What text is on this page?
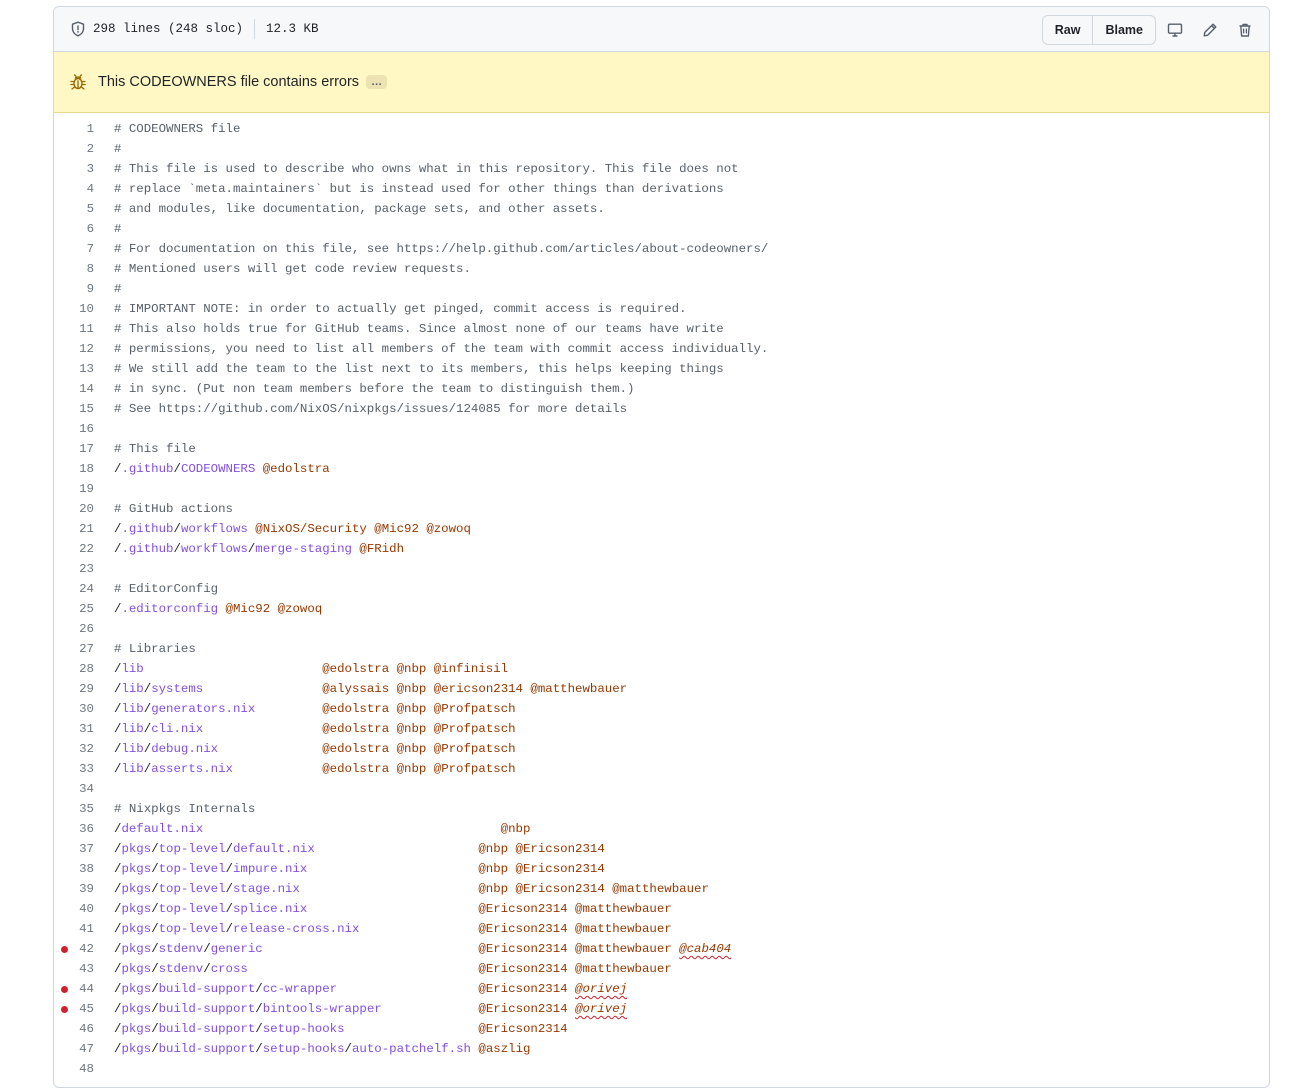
298 lines (248 sloc) 12.3 KB	Raw	Blame
This CODEOWNERS file contains errors	…
1 # CODEOWNERS file
2 #
3 # This file is used to describe who owns what in this repository. This file does not
4 # replace `meta.maintainers` but is instead used for other things than derivations
5 # and modules, like documentation, package sets, and other assets.
6 #
7 # For documentation on this file, see https://help.github.com/articles/about-codeowners/
8 # Mentioned users will get code review requests.
9 #
10 # IMPORTANT NOTE: in order to actually get pinged, commit access is required.
11 # This also holds true for GitHub teams. Since almost none of our teams have write
12 # permissions, you need to list all members of the team with commit access individually.
13 # We still add the team to the list next to its members, this helps keeping things
14 # in sync. (Put non team members before the team to distinguish them.)
15 # See https://github.com/NixOS/nixpkgs/issues/124085 for more details
16
17 # This file
18 /.github/CODEOWNERS @edolstra
19
20 # GitHub actions
21 /.github/workflows @NixOS/Security @Mic92 @zowoq
22 /.github/workflows/merge-staging @FRidh
23
24 # EditorConfig
25 /.editorconfig @Mic92 @zowoq
26
27 # Libraries
28 /lib	@edolstra @nbp @infinisil
29 /lib/systems	@alyssais @nbp @ericson2314 @matthewbauer
30 /lib/generators.nix	@edolstra @nbp @Profpatsch
31 /lib/cli.nix	@edolstra @nbp @Profpatsch
32 /lib/debug.nix	@edolstra @nbp @Profpatsch
33 /lib/asserts.nix	@edolstra @nbp @Profpatsch
34
35 # Nixpkgs Internals
36 /default.nix	@nbp
37 /pkgs/top-level/default.nix	@nbp @Ericson2314
38 /pkgs/top-level/impure.nix	@nbp @Ericson2314
39 /pkgs/top-level/stage.nix	@nbp @Ericson2314 @matthewbauer
40 /pkgs/top-level/splice.nix	@Ericson2314 @matthewbauer
41 /pkgs/top-level/release-cross.nix	@Ericson2314 @matthewbauer
42 /pkgs/stdenv/generic	@Ericson2314 @matthewbauer @cab404
43 /pkgs/stdenv/cross	@Ericson2314 @matthewbauer
44 /pkgs/build-support/cc-wrapper	@Ericson2314 @orivej
45 /pkgs/build-support/bintools-wrapper	@Ericson2314 @orivej
46 /pkgs/build-support/setup-hooks	@Ericson2314
47 /pkgs/build-support/setup-hooks/auto-patchelf.sh @aszlig
48
